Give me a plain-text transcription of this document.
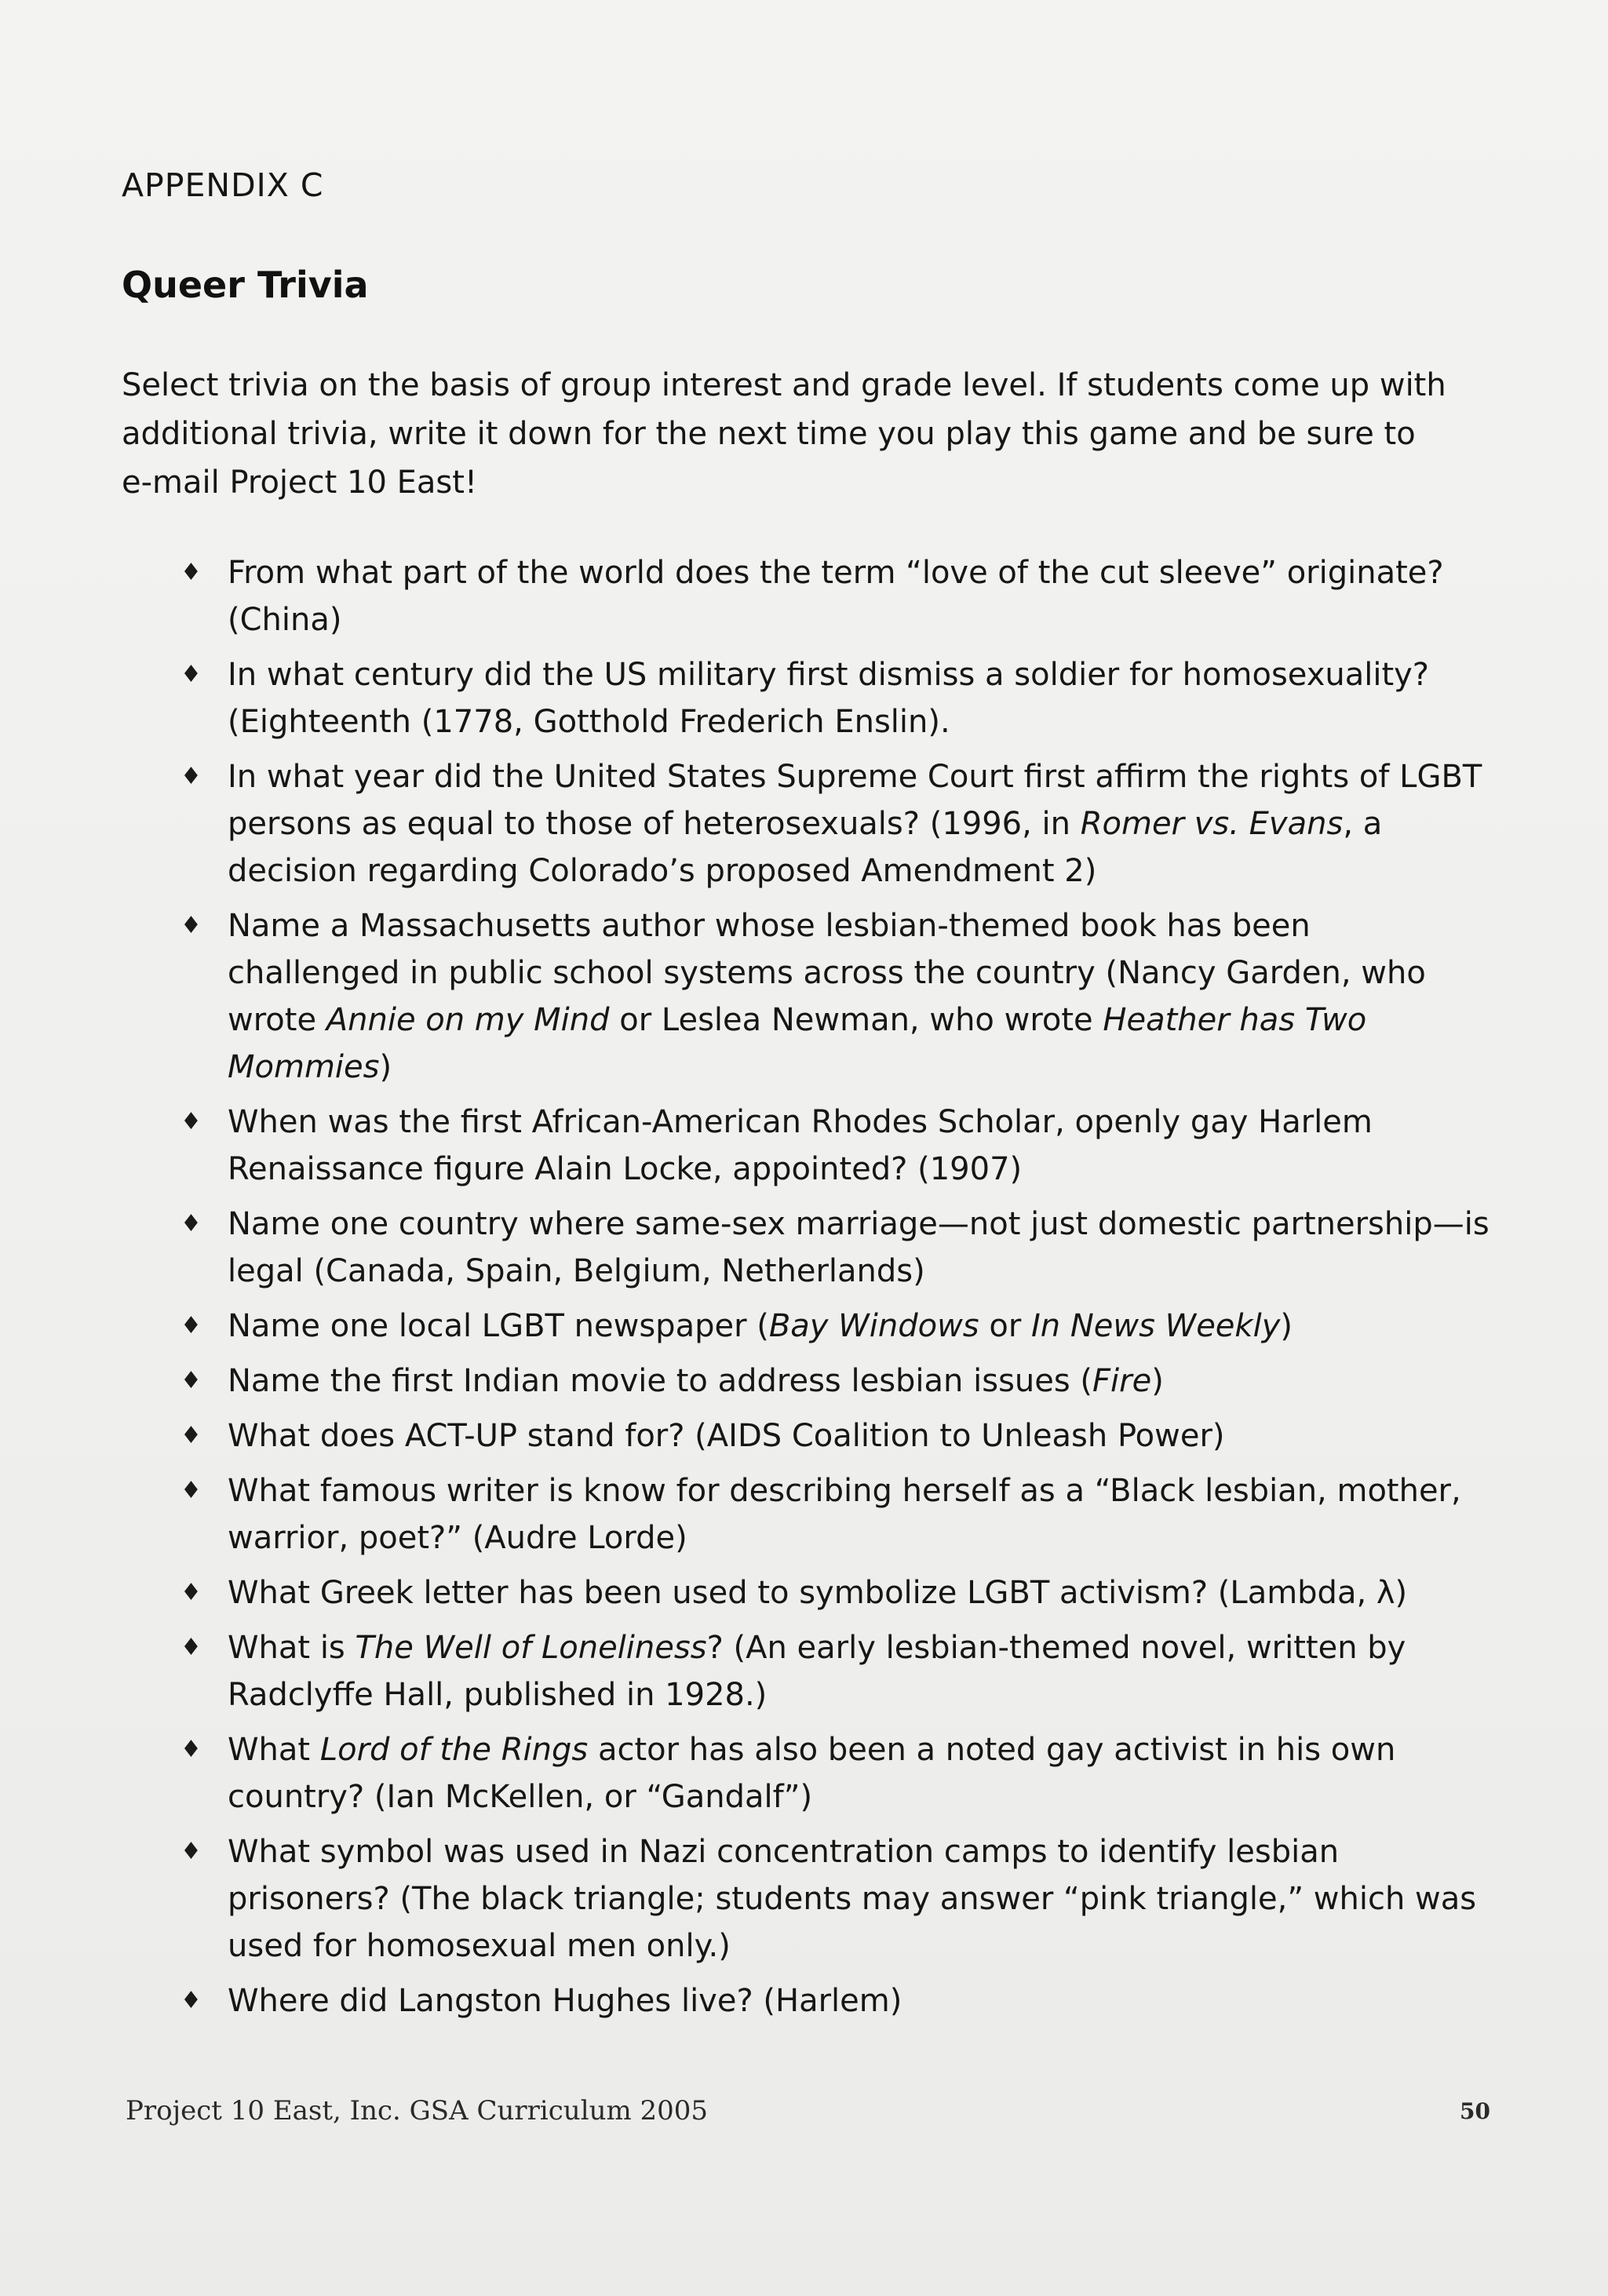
APPENDIX C
Queer Trivia

Select trivia on the basis of group interest and grade level. If students come up with additional trivia, write it down for the next time you play this game and be sure to e-mail Project 10 East!

♦ From what part of the world does the term “love of the cut sleeve” originate? (China)
♦ In what century did the US military first dismiss a soldier for homosexuality? (Eighteenth (1778, Gotthold Frederich Enslin).
♦ In what year did the United States Supreme Court first affirm the rights of LGBT persons as equal to those of heterosexuals? (1996, in Romer vs. Evans, a decision regarding Colorado’s proposed Amendment 2)
♦ Name a Massachusetts author whose lesbian-themed book has been challenged in public school systems across the country (Nancy Garden, who wrote Annie on my Mind or Leslea Newman, who wrote Heather has Two Mommies)
♦ When was the first African-American Rhodes Scholar, openly gay Harlem Renaissance figure Alain Locke, appointed? (1907)
♦ Name one country where same-sex marriage—not just domestic partnership—is legal (Canada, Spain, Belgium, Netherlands)
♦ Name one local LGBT newspaper (Bay Windows or In News Weekly)
♦ Name the first Indian movie to address lesbian issues (Fire)
♦ What does ACT-UP stand for? (AIDS Coalition to Unleash Power)
♦ What famous writer is know for describing herself as a “Black lesbian, mother, warrior, poet?” (Audre Lorde)
♦ What Greek letter has been used to symbolize LGBT activism? (Lambda, λ)
♦ What is The Well of Loneliness? (An early lesbian-themed novel, written by Radclyffe Hall, published in 1928.)
♦ What Lord of the Rings actor has also been a noted gay activist in his own country? (Ian McKellen, or “Gandalf”)
♦ What symbol was used in Nazi concentration camps to identify lesbian prisoners? (The black triangle; students may answer “pink triangle,” which was used for homosexual men only.)
♦ Where did Langston Hughes live? (Harlem)
Project 10 East, Inc. GSA Curriculum 2005	50
